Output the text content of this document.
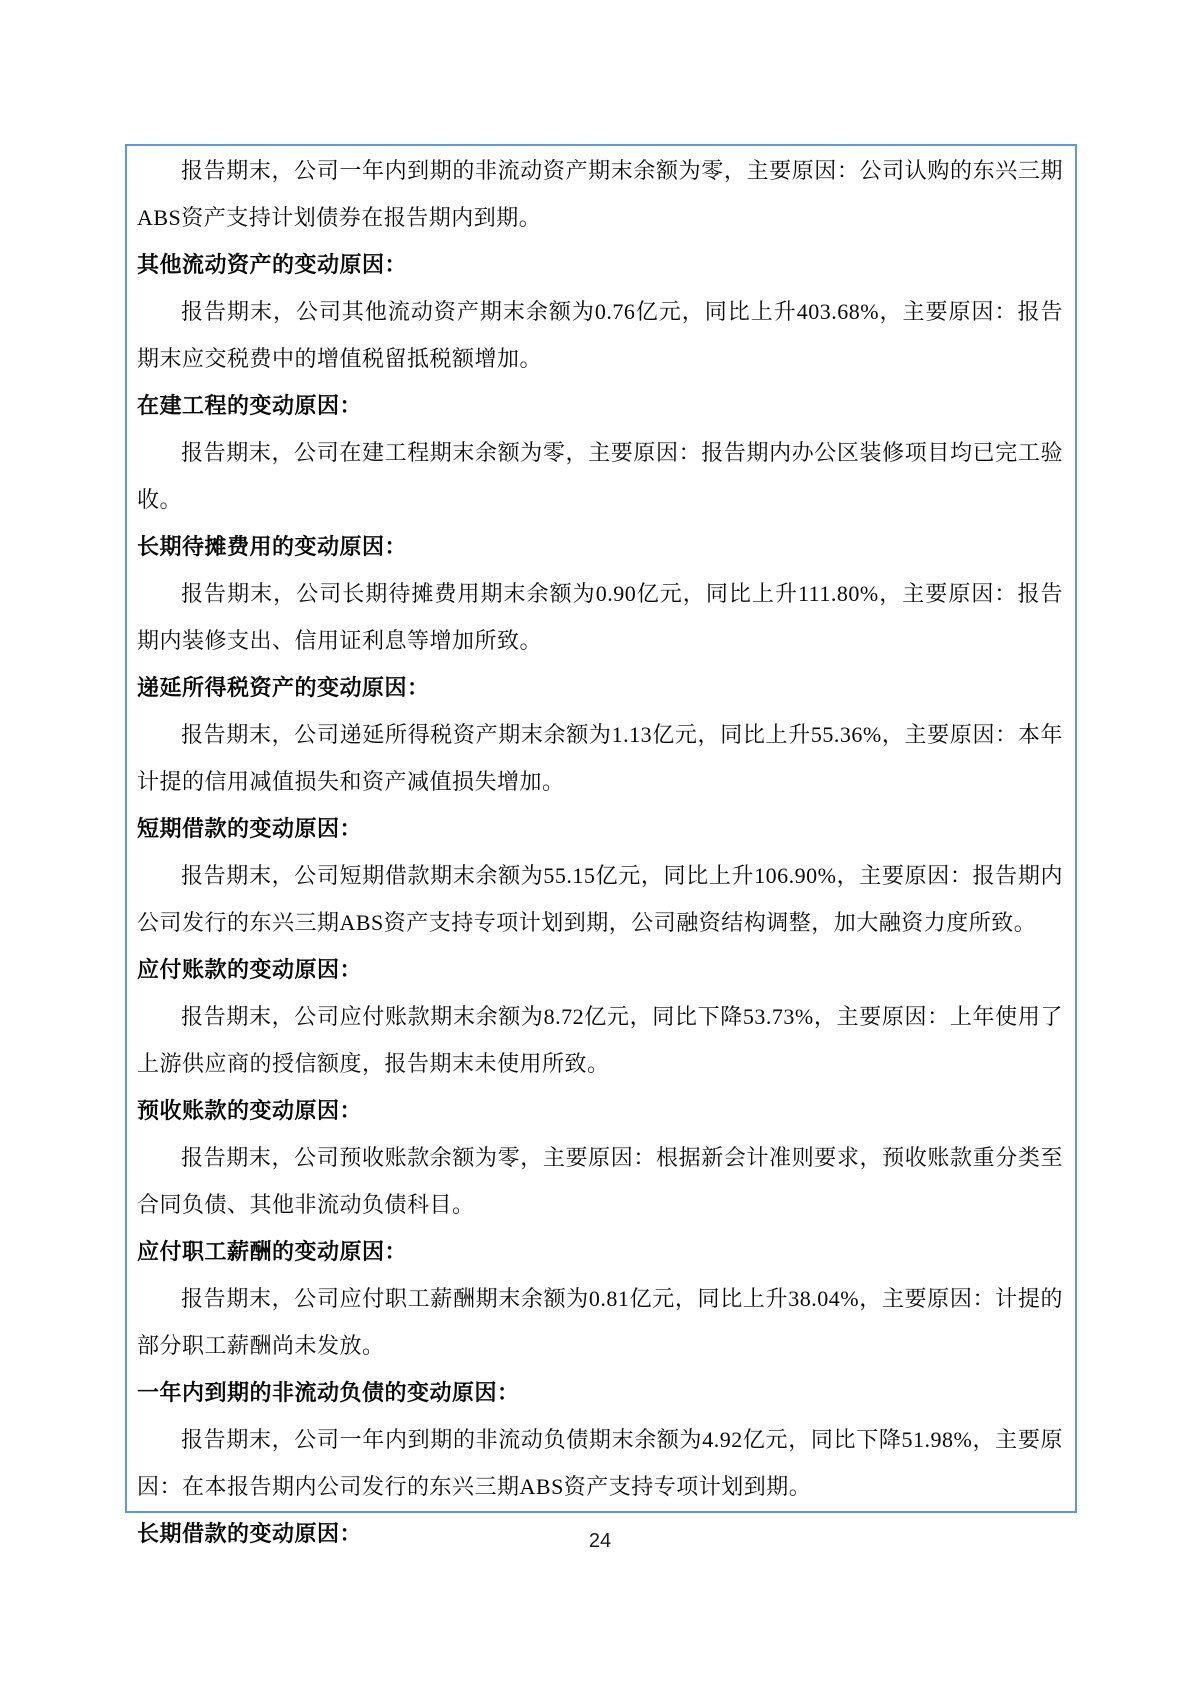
报告期末，公司一年内到期的非流动资产期末余额为零，主要原因：公司认购的东兴三期ABS资产支持计划债券在报告期内到期。

其他流动资产的变动原因：

报告期末，公司其他流动资产期末余额为0.76亿元，同比上升403.68%，主要原因：报告期末应交税费中的增值税留抵税额增加。

在建工程的变动原因：

报告期末，公司在建工程期末余额为零，主要原因：报告期内办公区装修项目均已完工验收。

长期待摊费用的变动原因：

报告期末，公司长期待摊费用期末余额为0.90亿元，同比上升111.80%，主要原因：报告期内装修支出、信用证利息等增加所致。

递延所得税资产的变动原因：

报告期末，公司递延所得税资产期末余额为1.13亿元，同比上升55.36%，主要原因：本年计提的信用减值损失和资产减值损失增加。

短期借款的变动原因：

报告期末，公司短期借款期末余额为55.15亿元，同比上升106.90%，主要原因：报告期内公司发行的东兴三期ABS资产支持专项计划到期，公司融资结构调整，加大融资力度所致。

应付账款的变动原因：

报告期末，公司应付账款期末余额为8.72亿元，同比下降53.73%，主要原因：上年使用了上游供应商的授信额度，报告期末未使用所致。

预收账款的变动原因：

报告期末，公司预收账款余额为零，主要原因：根据新会计准则要求，预收账款重分类至合同负债、其他非流动负债科目。

应付职工薪酬的变动原因：

报告期末，公司应付职工薪酬期末余额为0.81亿元，同比上升38.04%，主要原因：计提的部分职工薪酬尚未发放。

一年内到期的非流动负债的变动原因：

报告期末，公司一年内到期的非流动负债期末余额为4.92亿元，同比下降51.98%，主要原因：在本报告期内公司发行的东兴三期ABS资产支持专项计划到期。

长期借款的变动原因：	24
